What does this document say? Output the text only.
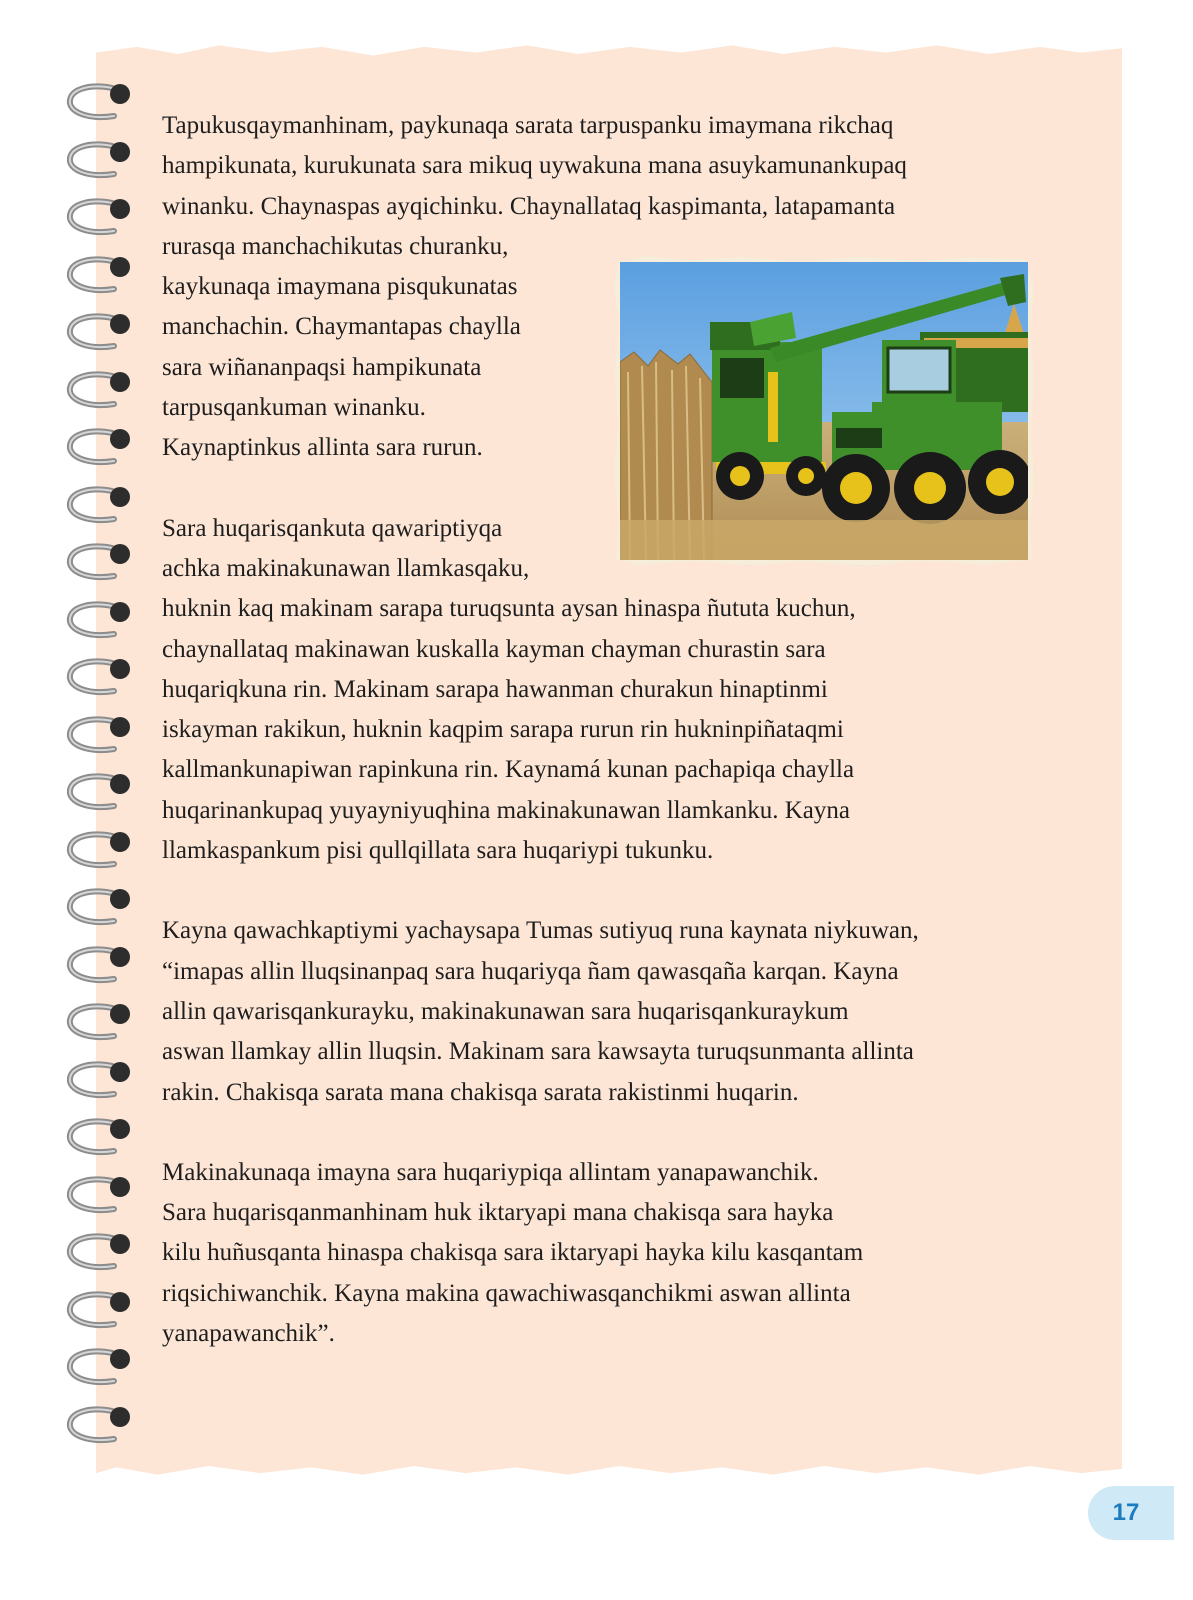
Tapukusqaymanhinam, paykunaqa sarata tarpuspanku imaymana rikchaq
hampikunata, kurukunata sara mikuq uywakuna mana asuykamunankupaq
winanku. Chaynaspas ayqichinku. Chaynallataq kaspimanta, latapamanta
rurasqa manchachikutas churanku,
kaykunaqa imaymana pisqukunatas
manchachin. Chaymantapas chaylla
sara wiñananpaqsi hampikunata
tarpusqankuman winanku.
Kaynaptinkus allinta sara rurun.

Sara huqarisqankuta qawariptiyqa
achka makinakunawan llamkasqaku,
huknin kaq makinam sarapa turuqsunta aysan hinaspa ñututa kuchun,
chaynallataq makinawan kuskalla kayman chayman churastin sara
huqariqkuna rin. Makinam sarapa hawanman churakun hinaptinmi
iskayman rakikun, huknin kaqpim sarapa rurun rin hukninpiñataqmi
kallmankunapiwan rapinkuna rin. Kaynamá kunan pachapiqa chaylla
huqarinankupaq yuyayniyuqhina makinakunawan llamkanku. Kayna
llamkaspankum pisi qullqillata sara huqariypi tukunku.

Kayna qawachkaptiymi yachaysapa Tumas sutiyuq runa kaynata niykuwan,
“imapas allin lluqsinanpaq sara huqariyqa ñam qawasqaña karqan. Kayna
allin qawarisqankurayku, makinakunawan sara huqarisqankuraykum
aswan llamkay allin lluqsin. Makinam sara kawsayta turuqsunmanta allinta
rakin. Chakisqa sarata mana chakisqa sarata rakistinmi huqarin.

Makinakunaqa imayna sara huqariypiqa allintam yanapawanchik.
Sara huqarisqanmanhinam huk iktaryapi mana chakisqa sara hayka
kilu huñusqanta hinaspa chakisqa sara iktaryapi hayka kilu kasqantam
riqsichiwanchik. Kayna makina qawachiwasqanchikmi aswan allinta
yanapawanchik”.

17
